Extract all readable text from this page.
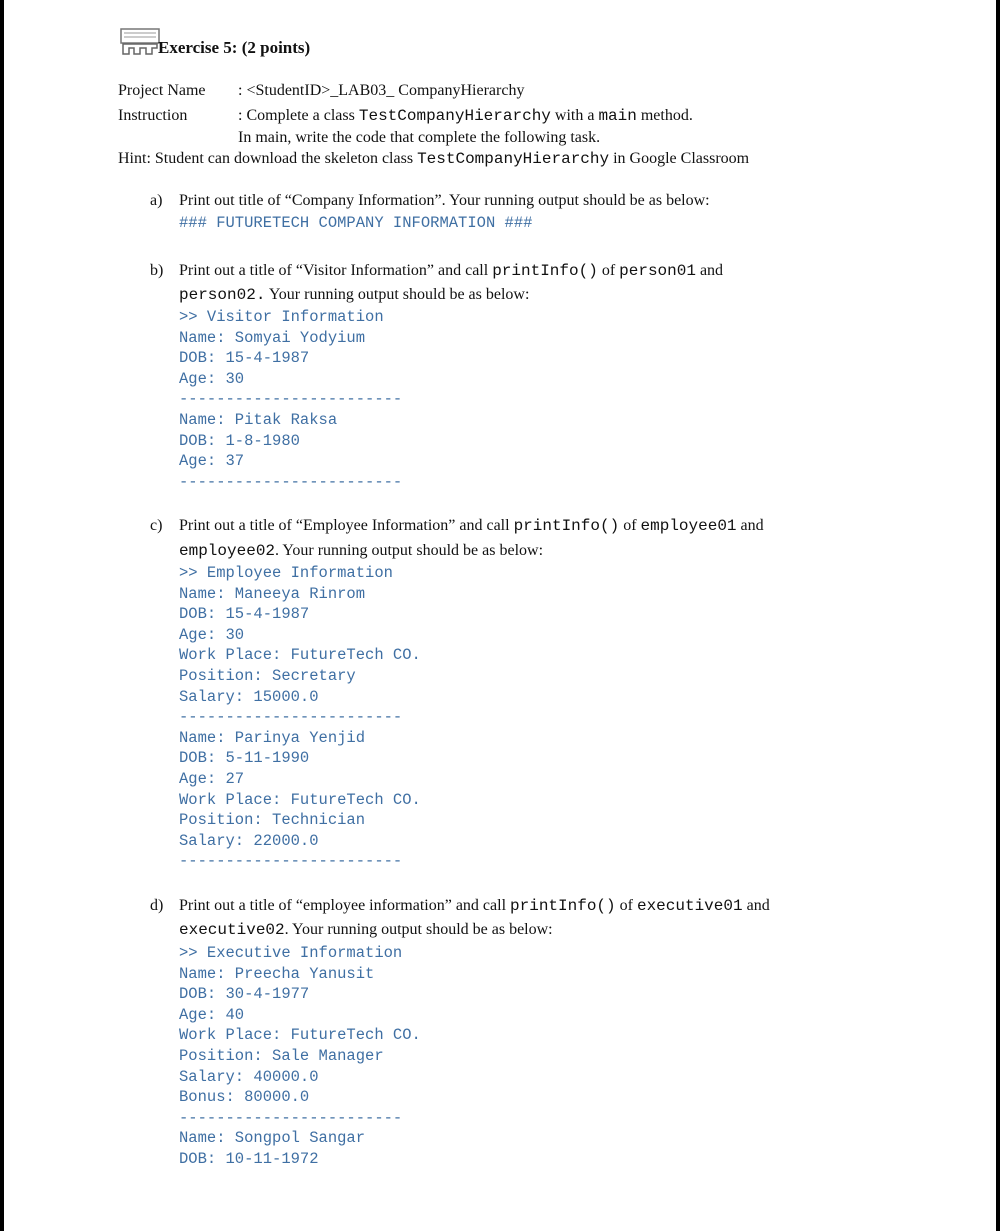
Exercise 5: (2 points)
Project Name : <StudentID>_LAB03_ CompanyHierarchy
Instruction	: Complete a class TestCompanyHierarchy with a main method.
In main, write the code that complete the following task.
Hint: Student can download the skeleton class TestCompanyHierarchy in Google Classroom
a) Print out title of “Company Information”. Your running output should be as below:
### FUTURETECH COMPANY INFORMATION ###
b) Print out a title of “Visitor Information” and call printInfo() of person01 and
person02. Your running output should be as below:
>> Visitor Information
Name: Somyai Yodyium
DOB: 15-4-1987
Age: 30
------------------------
Name: Pitak Raksa
DOB: 1-8-1980
Age: 37
------------------------
c) Print out a title of “Employee Information” and call printInfo() of employee01 and
employee02. Your running output should be as below:
>> Employee Information
Name: Maneeya Rinrom
DOB: 15-4-1987
Age: 30
Work Place: FutureTech CO.
Position: Secretary
Salary: 15000.0
------------------------
Name: Parinya Yenjid
DOB: 5-11-1990
Age: 27
Work Place: FutureTech CO.
Position: Technician
Salary: 22000.0
------------------------
d) Print out a title of “employee information” and call printInfo() of executive01 and
executive02. Your running output should be as below:
>> Executive Information
Name: Preecha Yanusit
DOB: 30-4-1977
Age: 40
Work Place: FutureTech CO.
Position: Sale Manager
Salary: 40000.0
Bonus: 80000.0
------------------------
Name: Songpol Sangar
DOB: 10-11-1972
